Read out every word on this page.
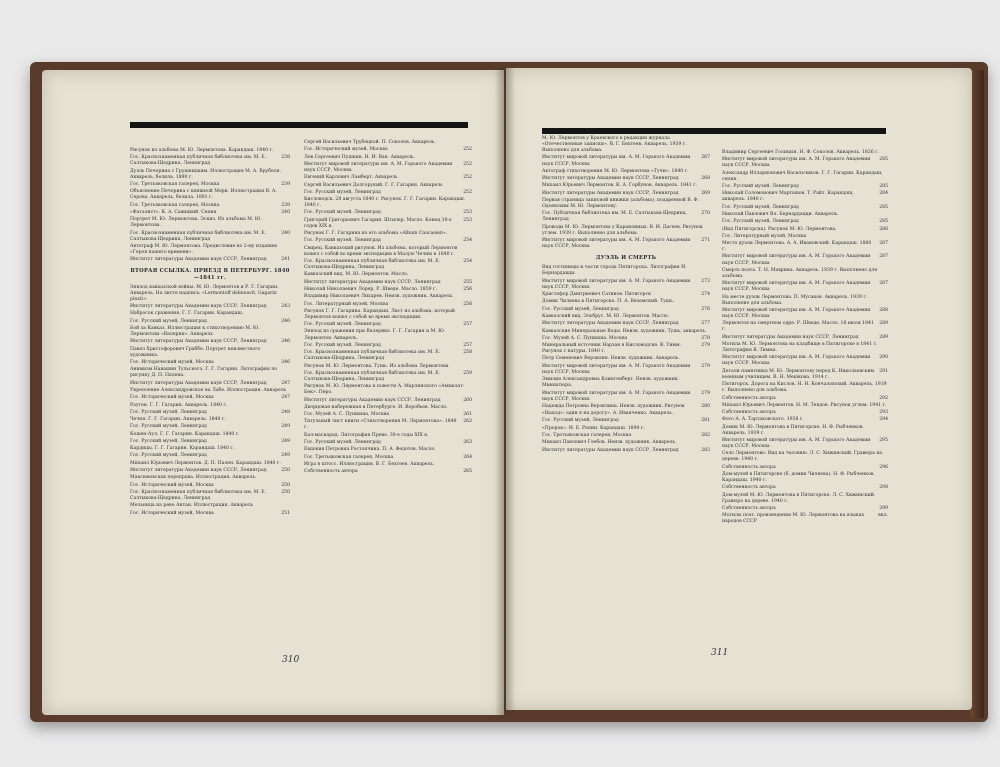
Рисунок из альбома М. Ю. Лермонтова. Карандаш. 1840 г.
238
Гос. Краснознаменная публичная библиотека им. М. Е. Салтыкова-Щедрина, Ленинград
Дуэль Печорина с Грушницким. Иллюстрация М. А. Врубеля. Акварель, белила. 1890 г.
239
Гос. Третьяковская галерея, Москва
Объяснение Печорина с княжной Мери. Иллюстрация В. А. Серова. Акварель, белила. 1891 г.
239
Гос. Третьяковская галерея, Москва
240
«Фаталист». К. А. Савицкий. Сепия
Портрет М. Ю. Лермонтова. Эскиз. Из альбома М. Ю. Лермонтова.
240
Гос. Краснознаменная публичная библиотека им. М. Е. Салтыкова-Щедрина, Ленинград
Автограф М. Ю. Лермонтова. Предисловие ко 2-му изданию «Героя нашего времени».
241
Институт литературы Академии наук СССР, Ленинград
ВТОРАЯ ССЫЛКА. ПРИЕЗД В ПЕТЕРБУРГ. 1840—1841 гг.
Эпизод кавказской войны. М. Ю. Лермонтов и Р. Г. Гагарин. Акварель. На листе надпись: «Lermontoff delineavit, Gagarin pinxit».
243
Институт литературы Академии наук СССР, Ленинград
Набросок сражения. Г. Г. Гагарин. Карандаш.
246
Гос. Русский музей, Ленинград
Бой за Кавказ. Иллюстрация к стихотворению М. Ю. Лермонтова «Валерик». Акварель
246
Институт литературы Академии наук СССР, Ленинград
Павел Христофорович Граббе. Портрет неизвестного художника.
246
Гос. Исторический музей, Москва
Анимизм Навашин Тульского. Г. Г. Гагарин. Литография по рисунку Д. П. Палена.
247
Институт литературы Академии наук СССР, Ленинград
Укрепление Александровское на Лабе. Иллюстрация. Акварель
247
Гос. Исторический музей, Москва
Раутен. Г. Г. Гагарин. Акварель. 1840 г.
248
Гос. Русский музей, Ленинград
Чечня. Г. Г. Гагарин. Акварель. 1840 г.
249
Гос. Русский музей, Ленинград
Кошен-Аул. Г. Г. Гагарин. Карандаш. 1840 г.
249
Гос. Русский музей, Ленинград
Кардицы. Г. Г. Гагарин. Карандаш. 1840 г.
249
Гос. Русский музей, Ленинград
Михаил Юрьевич Лермонтов. Д. П. Пален. Карандаш. 1840 г.
250
Институт литературы Академии наук СССР, Ленинград
Максимовская переправа. Иллюстрация. Акварель.
250
Гос. Исторический музей, Москва
250
Гос. Краснознаменная публичная библиотека им. М. Е. Салтыкова-Щедрина, Ленинград
Мельница на реке Антан. Иллюстрация. Акварель
251
Гос. Исторический музей, Москва
Сергей Васильевич Трубецкой. П. Соколов. Акварель.
252
Гос. Исторический музей, Москва
Лев Сергеевич Пушкин. Н. И. Ван. Акварель.
252
Институт мировой литературы им. А. М. Горького Академии наук СССР, Москва
252
Евгений Карлович Ламберт. Акварель
Сергей Васильевич Долгорукий. Г. Г. Гагарин. Акварель
252
Гос. Русский музей, Ленинград
Кисловодск. 28 августа 1840 г. Рисунок. Г. Г. Гагарин. Карандаш. 1840 г.
253
Гос. Русский музей, Ленинград
253
Григорий Григорьевич Гагарин. Штилер. Масло. Конец 30-х годов XIX в.
Рисунок Г. Г. Гагарина из его альбома «Album Caucasien».
254
Гос. Русский музей, Ленинград
Свирец. Кавказский рисунок. Из альбома, который Лермонтов вошел с собой во время экспедиции в Малую Чечню в 1840 г.
254
Гос. Краснознаменная публичная библиотека им. М. Е. Салтыкова-Щедрина, Ленинград
Кавказский вид. М. Ю. Лермонтов. Масло.
255
Институт литературы Академии наук СССР, Ленинград
256
Николай Николаевич Лорер. Р. Шведе. Масло. 1859 г.
Владимир Николаевич Лихарев. Неизв. художник. Акварель.
256
Гос. Литературный музей, Москва
Рисунок Г. Г. Гагарина. Карандаш. Лист из альбома, который Лермонтов вошел с собой во время экспедиции.
257
Гос. Русский музей, Ленинград
Эпизод из сражения при Валерике. Г. Г. Гагарин и М. Ю. Лермонтов. Акварель.
257
Гос. Русский музей, Ленинград
258
Гос. Краснознаменная публичная библиотека им. М. Е. Салтыкова-Щедрина, Ленинград
Рисунок М. Ю. Лермонтова. Тушь. Из альбома Лермонтова
259
Гос. Краснознаменная публичная библиотека им. М. Е. Салтыкова-Щедрина, Ленинград
Рисунок М. Ю. Лермонтова к повести А. Марлинского «Аммалат-Бек». Перо.
260
Институт литературы Академии наук СССР, Ленинград
Дворцовая набережная в Петербурге. И. Воробьев. Масло.
261
Гос. Музей А. С. Пушкина, Москва
262
Титульный лист книги «Стихотворения М. Лермонтова». 1840 г.
Бал-маскарад. Литография Прево. 30-е годы XIX в.
263
Гос. Русский музей, Ленинград
Евдокия Петровна Ростопчина. П. А. Федотов. Масло.
264
Гос. Третьяковская галерея, Москва
Игра в штосс. Иллюстрация. В. Г. Бехтеев. Акварель.
265
Собственность автора
310
М. Ю. Лермонтов у Краевского в редакции журнала «Отечественные записки». В. Г. Бехтеев. Акварель. 1939 г. Выполнено для альбома.
267
Институт мировой литературы им. А. М. Горького Академии наук СССР, Москва
Автограф стихотворения М. Ю. Лермонтова «Тучи». 1840 г.
268
Институт литературы Академии наук СССР, Ленинград
Михаил Юрьевич Лермонтов. К. А. Горбунов. Акварель. 1841 г.
269
Институт литературы Академии наук СССР, Ленинград
Первая страница записной книжки (альбома), подаренной В. Ф. Одоевским М. Ю. Лермонтову.
270
Гос. Публичная библиотека им. М. Е. Салтыкова-Щедрина, Ленинград
Проводы М. Ю. Лермонтова у Карамзиных. В. И. Дагеев. Рисунок углем. 1939 г. Выполнено для альбома.
271
Институт мировой литературы им. А. М. Горького Академии наук СССР, Москва
ДУЭЛЬ И СМЕРТЬ
Вид гостиницы и части города Пятигорска. Литография И. Бернардацци.
273
Институт мировой литературы им. А. М. Горького Академии наук СССР, Москва
274
Христофор Дмитриевич Сатинов. Пятигорск
Домик Чиляева в Пятигорске. П. А. Вяземский. Тушь.
276
Гос. Русский музей, Ленинград
Кавказский вид. Эльбрус. М. Ю. Лермонтов. Масло.
277
Институт литературы Академии наук СССР, Ленинград
Кавказские Минеральные Воды. Неизв. художник. Тушь, акварель.
278
Гос. Музей А. С. Пушкина, Москва
279
Минеральный источник Нарзан в Кисловодске. В. Тимм. Рисунок с натуры. 1840 г.
Петр Семенович Верзилин. Неизв. художник. Акварель.
279
Институт мировой литературы им. А. М. Горького Академии наук СССР, Москва
Эмилия Александровна Клингенберг. Неизв. художник. Миниатюра.
279
Институт мировой литературы им. А. М. Горького Академии наук СССР, Москва
280
Надежда Петровна Верзилина. Неизв. художник. Рисунок
«Выход»: один я на дорогу». А. Иванченко. Акварель.
281
Гос. Русский музей, Ленинград
«Пророк». И. Е. Репин. Карандаш. 1890 г.
282
Гос. Третьяковская галерея, Москва
Михаил Павлович Глебов. Неизв. художник. Акварель.
283
Институт литературы Академии наук СССР, Ленинград
Владимир Сергеевич Голицын. Н. Ф. Соколов. Акварель. 1836 г.
285
Институт мировой литературы им. А. М. Горького Академии наук СССР, Москва
Александр Илларионович Васильчиков. Г. Г. Гагарин. Карандаш, сепия.
285
Гос. Русский музей, Ленинград
284
Николай Соломонович Мартынов. Т. Райт. Карандаш, акварель. 1840 г.
285
Гос. Русский музей, Ленинград
Николай Павлович Вл. Бернардацци. Акварель.
285
Гос. Русский музей, Ленинград
286
(Вид Пятигорска). Рисунок М. Ю. Лермонтова.
Гос. Литературный музей, Москва
287
Место дуэли Лермонтова. А. А. Ивановский. Карандаш. 1880 г.
287
Институт мировой литературы им. А. М. Горького Академии наук СССР, Москва
Смерть поэта. Т. Н. Маврина. Акварель. 1939 г. Выполнено для альбома.
287
Институт мировой литературы им. А. М. Горького Академии наук СССР, Москва
На месте дуэли Лермонтова. П. Мусаков. Акварель. 1939 г. Выполнено для альбома.
288
Институт мировой литературы им. А. М. Горького Академии наук СССР, Москва
289
Лермонтов на смертном одре. Р. Шведе. Масло. 16 июля 1841 г.
289
Институт литературы Академии наук СССР, Ленинград
Могила М. Ю. Лермонтова на кладбище в Пятигорске в 1841 г. Литография В. Тимма.
290
Институт мировой литературы им. А. М. Горького Академии наук СССР, Москва
291
Детали памятника М. Ю. Лермонтову перед К. Николаевским военным училищем. В. Н. Мешкова. 1914 г.
Пятигорск. Дорога на Кислов. Н. Н. Кончаловский. Акварель. 1939 г. Выполнено для альбома.
292
Собственность автора
Михаил Юрьевич Лермонтов. Н. М. Тендов. Рисунок углем. 1941 г.
293
Собственность автора
294
Фото А. А. Тартаковского. 1938 г.
Домик М. Ю. Лермонтова в Пятигорске. Н. Ф. Рыбченков. Акварель. 1939 г.
295
Институт мировой литературы им. А. М. Горького Академии наук СССР, Москва
Село Лермонтово. Вид на часовню. Л. С. Хижинский. Гравюра на дереве. 1940 г.
296
Собственность автора
Дом-музей в Пятигорске (б. домик Чиляева). Н. Ф. Рыбченков. Карандаш. 1940 г.
298
Собственность автора
Дом-музей М. Ю. Лермонтова в Пятигорске. Л. С. Хижинский. Гравюра на дереве. 1940 г.
299
Собственность автора
вкл.
Могилы поэт. произведения М. Ю. Лермонтова на языках народов СССР
311
